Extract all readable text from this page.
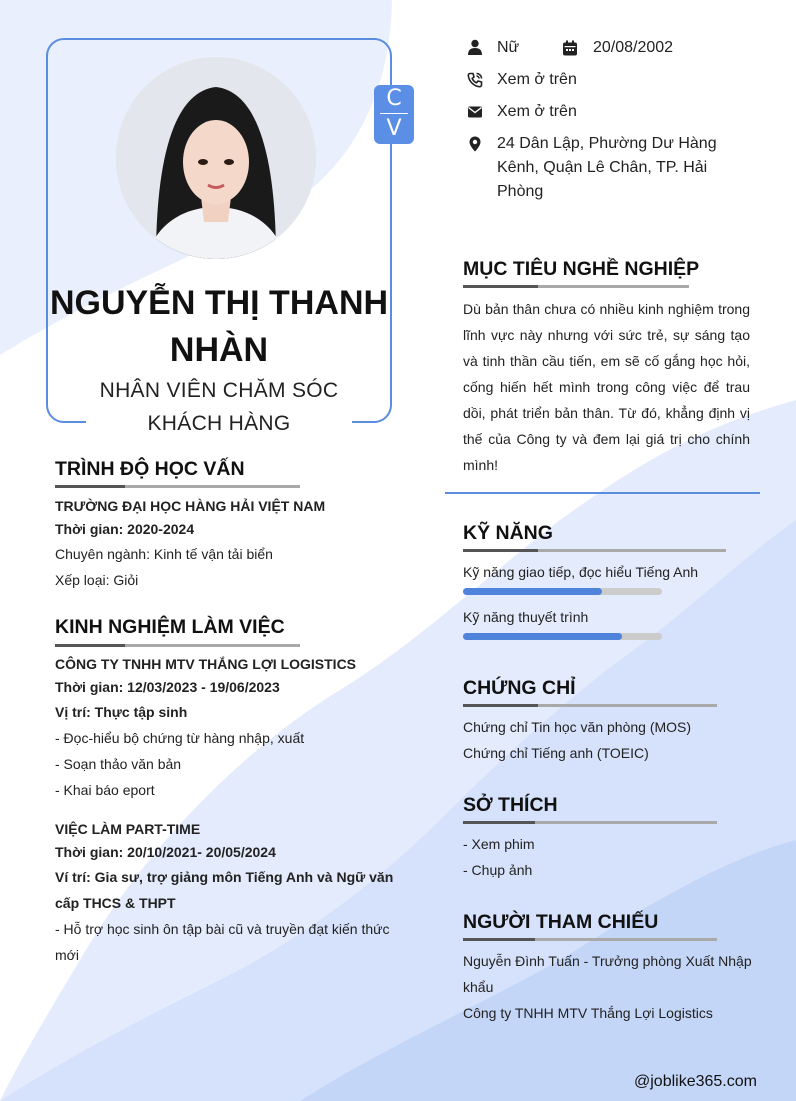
C
V
NGUYỄN THỊ THANH NHÀN
NHÂN VIÊN CHĂM SÓC KHÁCH HÀNG
Nữ	20/08/2002
Xem ở trên
Xem ở trên
24 Dân Lập, Phường Dư Hàng Kênh, Quận Lê Chân, TP. Hải Phòng
MỤC TIÊU NGHỀ NGHIỆP
Dù bản thân chưa có nhiều kinh nghiệm trong lĩnh vực này nhưng với sức trẻ, sự sáng tạo và tinh thần cầu tiến, em sẽ cố gắng học hỏi, cống hiến hết mình trong công việc để trau dồi, phát triển bản thân. Từ đó, khẳng định vị thế của Công ty và đem lại giá trị cho chính mình!
TRÌNH ĐỘ HỌC VẤN
TRƯỜNG ĐẠI HỌC HÀNG HẢI VIỆT NAM
Thời gian: 2020-2024
Chuyên ngành: Kinh tế vận tải biển
Xếp loại: Giỏi
KINH NGHIỆM LÀM VIỆC
CÔNG TY TNHH MTV THẮNG LỢI LOGISTICS
Thời gian: 12/03/2023 - 19/06/2023
Vị trí: Thực tập sinh
- Đọc-hiểu bộ chứng từ hàng nhập, xuất
- Soạn thảo văn bản
- Khai báo eport
VIỆC LÀM PART-TIME
Thời gian: 20/10/2021- 20/05/2024
Ví trí: Gia sư, trợ giảng môn Tiếng Anh và Ngữ văn cấp THCS & THPT
- Hỗ trợ học sinh ôn tập bài cũ và truyền đạt kiến thức mới
KỸ NĂNG
Kỹ năng giao tiếp, đọc hiểu Tiếng Anh
Kỹ năng thuyết trình
CHỨNG CHỈ
Chứng chỉ Tin học văn phòng (MOS)
Chứng chỉ Tiếng anh (TOEIC)
SỞ THÍCH
- Xem phim
- Chụp ảnh
NGƯỜI THAM CHIẾU
Nguyễn Đình Tuấn - Trưởng phòng Xuất Nhập khẩu
Công ty TNHH MTV Thắng Lợi Logistics
@joblike365.com
